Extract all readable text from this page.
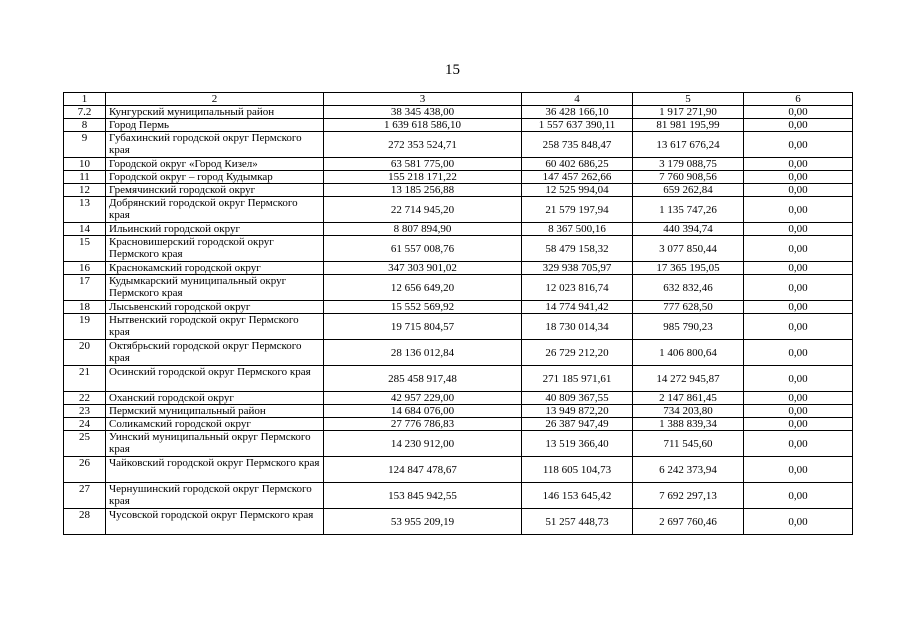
15
1	2	3	4	5	6
7.2	Кунгурский муниципальный район	38 345 438,00	36 428 166,10	1 917 271,90	0,00
8	Город Пермь	1 639 618 586,10	1 557 637 390,11	81 981 195,99	0,00
9	Губахинский городской округ Пермского края	272 353 524,71	258 735 848,47	13 617 676,24	0,00
10	Городской округ «Город Кизел»	63 581 775,00	60 402 686,25	3 179 088,75	0,00
11	Городской округ – город Кудымкар	155 218 171,22	147 457 262,66	7 760 908,56	0,00
12	Гремячинский городской округ	13 185 256,88	12 525 994,04	659 262,84	0,00
13	Добрянский городской округ Пермского края	22 714 945,20	21 579 197,94	1 135 747,26	0,00
14	Ильинский городской округ	8 807 894,90	8 367 500,16	440 394,74	0,00
15	Красновишерский городской округ Пермского края	61 557 008,76	58 479 158,32	3 077 850,44	0,00
16	Краснокамский городской округ	347 303 901,02	329 938 705,97	17 365 195,05	0,00
17	Кудымкарский муниципальный округ Пермского края	12 656 649,20	12 023 816,74	632 832,46	0,00
18	Лысьвенский городской округ	15 552 569,92	14 774 941,42	777 628,50	0,00
19	Нытвенский городской округ Пермского края	19 715 804,57	18 730 014,34	985 790,23	0,00
20	Октябрьский городской округ Пермского края	28 136 012,84	26 729 212,20	1 406 800,64	0,00
21	Осинский городской округ Пермского края	285 458 917,48	271 185 971,61	14 272 945,87	0,00
22	Оханский городской округ	42 957 229,00	40 809 367,55	2 147 861,45	0,00
23	Пермский муниципальный район	14 684 076,00	13 949 872,20	734 203,80	0,00
24	Соликамский городской округ	27 776 786,83	26 387 947,49	1 388 839,34	0,00
25	Уинский муниципальный округ Пермского края	14 230 912,00	13 519 366,40	711 545,60	0,00
26	Чайковский городской округ Пермского края	124 847 478,67	118 605 104,73	6 242 373,94	0,00
27	Чернушинский городской округ Пермского края	153 845 942,55	146 153 645,42	7 692 297,13	0,00
28	Чусовской городской округ Пермского края	53 955 209,19	51 257 448,73	2 697 760,46	0,00
